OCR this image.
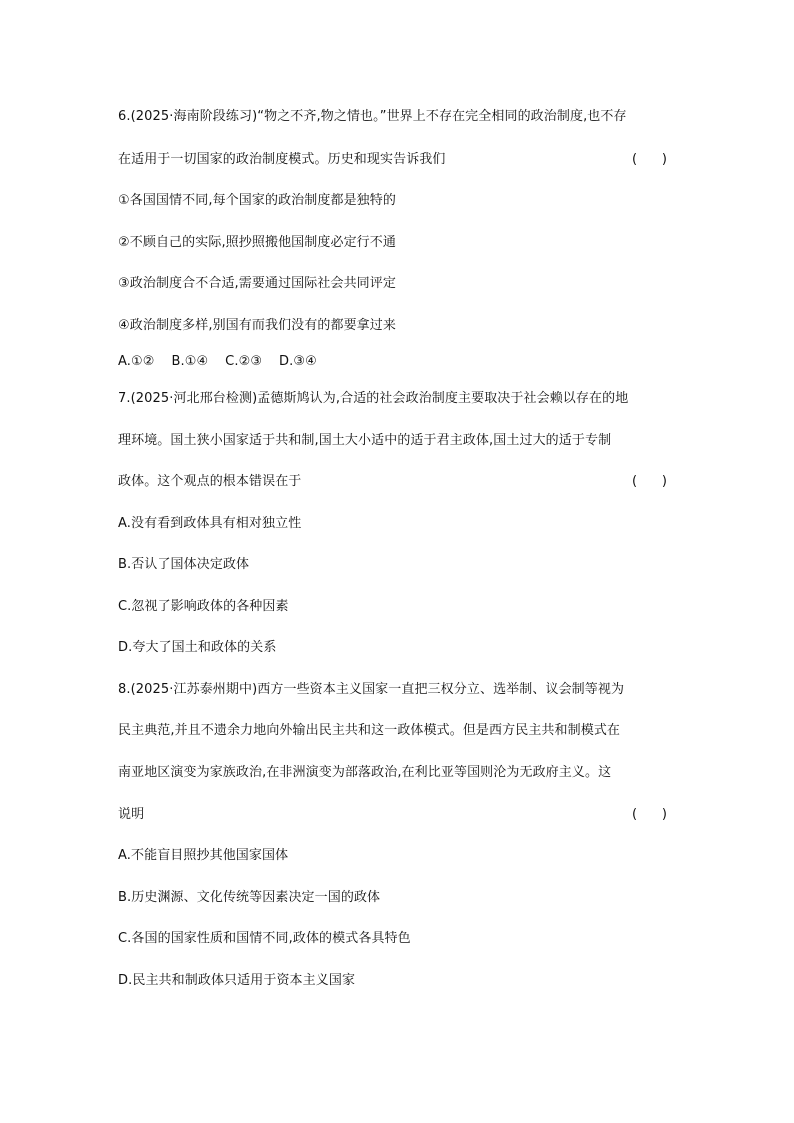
6.(2025·海南阶段练习)“物之不齐,物之情也。”世界上不存在完全相同的政治制度,也不存
在适用于一切国家的政治制度模式。历史和现实告诉我们	(      )
①各国国情不同,每个国家的政治制度都是独特的
②不顾自己的实际,照抄照搬他国制度必定行不通
③政治制度合不合适,需要通过国际社会共同评定
④政治制度多样,别国有而我们没有的都要拿过来
A.①② B.①④ C.②③ D.③④
7.(2025·河北邢台检测)孟德斯鸠认为,合适的社会政治制度主要取决于社会赖以存在的地
理环境。国土狭小国家适于共和制,国土大小适中的适于君主政体,国土过大的适于专制
政体。这个观点的根本错误在于	(      )
A.没有看到政体具有相对独立性
B.否认了国体决定政体
C.忽视了影响政体的各种因素
D.夸大了国土和政体的关系
8.(2025·江苏泰州期中)西方一些资本主义国家一直把三权分立、选举制、议会制等视为
民主典范,并且不遗余力地向外输出民主共和这一政体模式。但是西方民主共和制模式在
南亚地区演变为家族政治,在非洲演变为部落政治,在利比亚等国则沦为无政府主义。这
说明	(      )
A.不能盲目照抄其他国家国体
B.历史渊源、文化传统等因素决定一国的政体
C.各国的国家性质和国情不同,政体的模式各具特色
D.民主共和制政体只适用于资本主义国家
